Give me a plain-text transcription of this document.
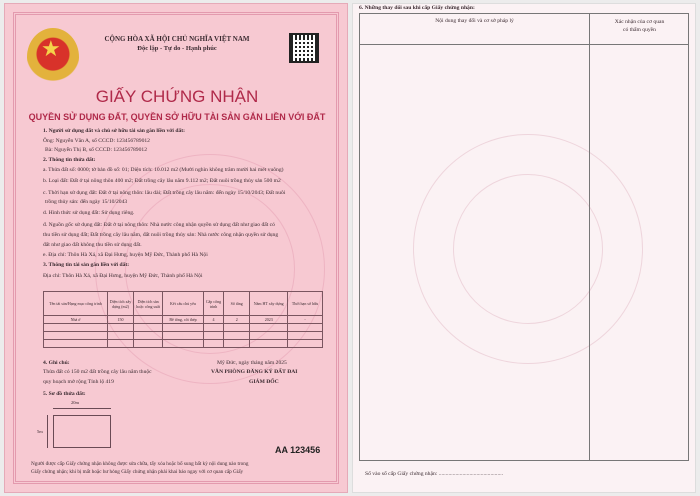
★	CỘNG HÒA XÃ HỘI CHỦ NGHĨA VIỆT NAM
Độc lập - Tự do - Hạnh phúc
GIẤY CHỨNG NHẬN
QUYỀN SỬ DỤNG ĐẤT, QUYỀN SỞ HỮU TÀI SẢN GẮN LIỀN VỚI ĐẤT
1. Người sử dụng đất và chủ sở hữu tài sản gắn liền với đất:
Ông: Nguyễn Văn A, số CCCD: 123456789012
Bà: Nguyễn Thị B, số CCCD: 123456789012
2. Thông tin thửa đất:
a. Thửa đất số: 0000; tờ bản đồ số: 01; Diện tích: 10.012 m2 (Mười nghìn không trăm mười hai mét vuông)
b. Loại đất: Đất ở tại nông thôn 400 m2; Đất trồng cây lâu năm 9.112 m2; Đất nuôi trồng thủy sản 500 m2
c. Thời hạn sử dụng đất: Đất ở tại nông thôn: lâu dài; Đất trồng cây lâu năm: đến ngày 15/10/2043; Đất nuôi
trồng thủy sản: đến ngày 15/10/2043
d. Hình thức sử dụng đất: Sử dụng riêng.
đ. Nguồn gốc sử dụng đất: Đất ở tại nông thôn: Nhà nước công nhận quyền sử dụng đất như giao đất có
thu tiền sử dụng đất; Đất trồng cây lâu năm, đất nuôi trồng thủy sản: Nhà nước công nhận quyền sử dụng
đất như giao đất không thu tiền sử dụng đất.
e. Địa chỉ: Thôn Hà Xá, xã Đại Hưng, huyện Mỹ Đức, Thành phố Hà Nội
3. Thông tin tài sản gắn liền với đất:
Địa chỉ: Thôn Hà Xá, xã Đại Hưng, huyện Mỹ Đức, Thành phố Hà Nội
Tên tài sản/Hạng mục công trình	Diện tích xây dựng (m2)	Diện tích sàn hoặc công suất	Kết cấu chủ yếu	Cấp công trình	Số tầng	Năm HT xây dựng	Thời hạn sở hữu
Nhà ở	150		Bê tông, cốt thép	4	2	2023	-

4. Ghi chú:
Thửa đất có 150 m2 đất trồng cây lâu năm thuộc
quy hoạch mở rộng Tỉnh lộ 419
Mỹ Đức, ngày tháng năm 2025
VĂN PHÒNG ĐĂNG KÝ ĐẤT ĐAI
GIÁM ĐỐC
5. Sơ đồ thửa đất:
20m
5m
AA 123456
Người được cấp Giấy chứng nhận không được sửa chữa, tẩy xóa hoặc bổ sung bất kỳ nội dung nào trong
Giấy chứng nhận; khi bị mất hoặc hư hỏng Giấy chứng nhận phải khai báo ngay với cơ quan cấp Giấy
6. Những thay đổi sau khi cấp Giấy chứng nhận:
Nội dung thay đổi và cơ sở pháp lý	Xác nhận của cơ quan
có thẩm quyền
Số vào sổ cấp Giấy chứng nhận: ..............................................
